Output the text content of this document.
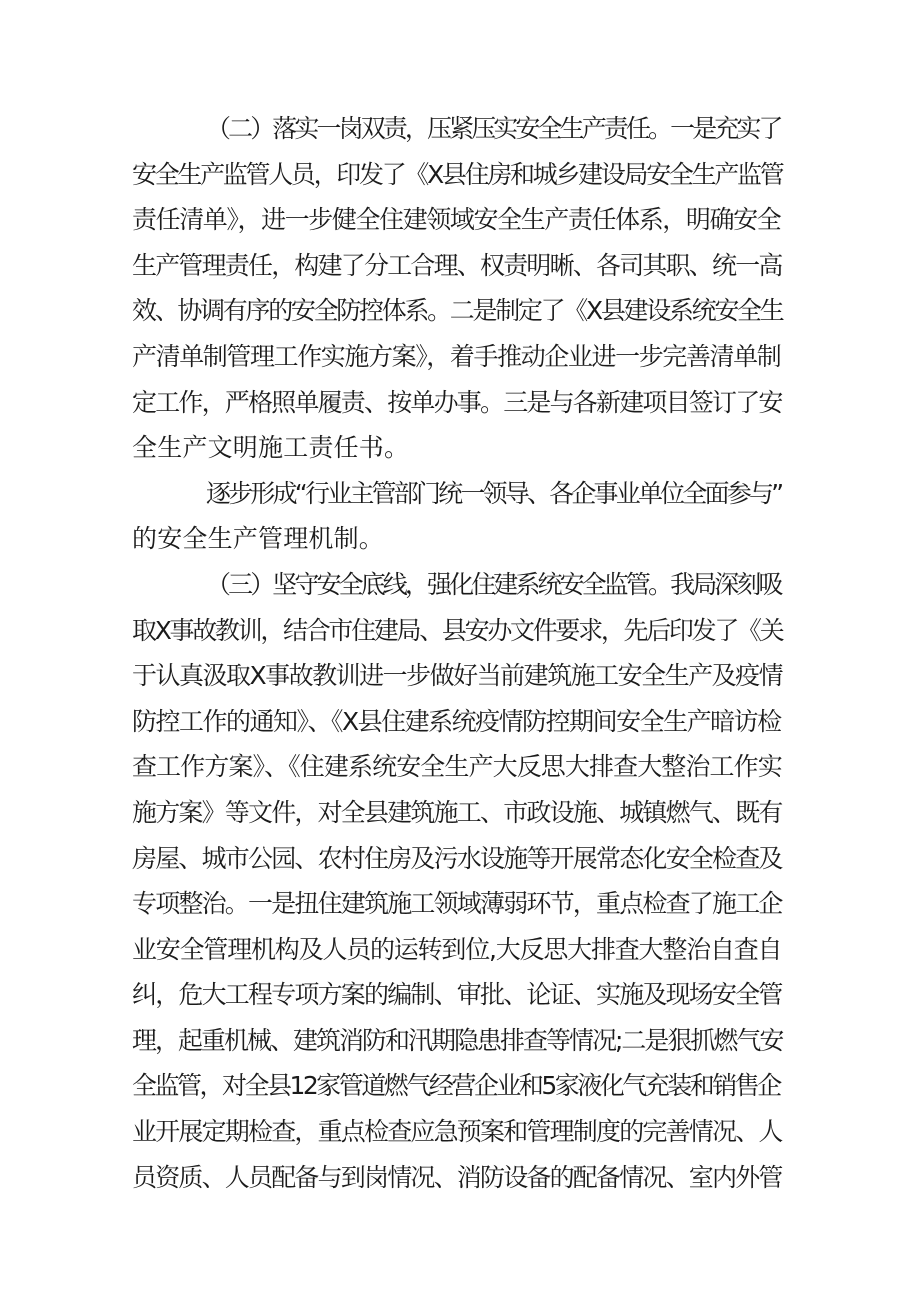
（二）落实一岗双责，压紧压实安全生产责任。一是充实了
安全生产监管人员，印发了《X县住房和城乡建设局安全生产监管
责任清单》，进一步健全住建领域安全生产责任体系，明确安全
生产管理责任，构建了分工合理、权责明晰、各司其职、统一高
效、协调有序的安全防控体系。二是制定了《X县建设系统安全生
产清单制管理工作实施方案》，着手推动企业进一步完善清单制
定工作，严格照单履责、按单办事。三是与各新建项目签订了安
全生产文明施工责任书。
逐步形成“行业主管部门统一领导、各企事业单位全面参与”
的安全生产管理机制。
（三）坚守安全底线，强化住建系统安全监管。我局深刻吸
取X事故教训，结合市住建局、县安办文件要求，先后印发了《关
于认真汲取X事故教训进一步做好当前建筑施工安全生产及疫情
防控工作的通知》、《X县住建系统疫情防控期间安全生产暗访检
查工作方案》、《住建系统安全生产大反思大排查大整治工作实
施方案》等文件，对全县建筑施工、市政设施、城镇燃气、既有
房屋、城市公园、农村住房及污水设施等开展常态化安全检查及
专项整治。一是扭住建筑施工领域薄弱环节，重点检查了施工企
业安全管理机构及人员的运转到位,大反思大排査大整治自査自
纠，危大工程专项方案的编制、审批、论证、实施及现场安全管
理，起重机械、建筑消防和汛期隐患排查等情况;二是狠抓燃气安
全监管，对全县12家管道燃气经营企业和5家液化气充装和销售企
业开展定期检查，重点检查应急预案和管理制度的完善情况、人
员资质、人员配备与到岗情况、消防设备的配备情况、室内外管
